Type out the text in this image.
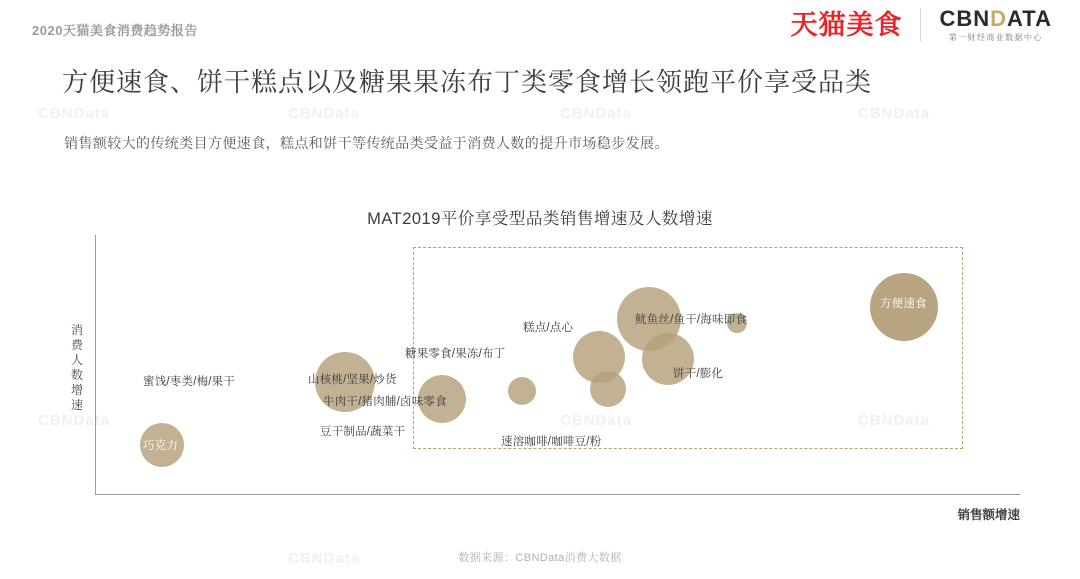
CBNData	CBNData	CBNData	CBNData
CBNData
CBNData
CBNData	CBNData
2020天猫美食消费趋势报告	天猫美食 CBNDATA
第一财经商业数据中心
方便速食、饼干糕点以及糖果果冻布丁类零食增长领跑平价享受品类
销售额较大的传统类目方便速食，糕点和饼干等传统品类受益于消费人数的提升市场稳步发展。
MAT2019平价享受型品类销售增速及人数增速
消费人数增速
销售额增速
巧克力
蜜饯/枣类/梅/果干
豆干制品/蔬菜干
山核桃/坚果/炒货
牛肉干/猪肉脯/卤味零食
速溶咖啡/咖啡豆/粉
糖果零食/果冻/布丁
饼干/膨化
糕点/点心
鱿鱼丝/鱼干/海味即食
方便速食
数据来源：CBNData消费大数据
